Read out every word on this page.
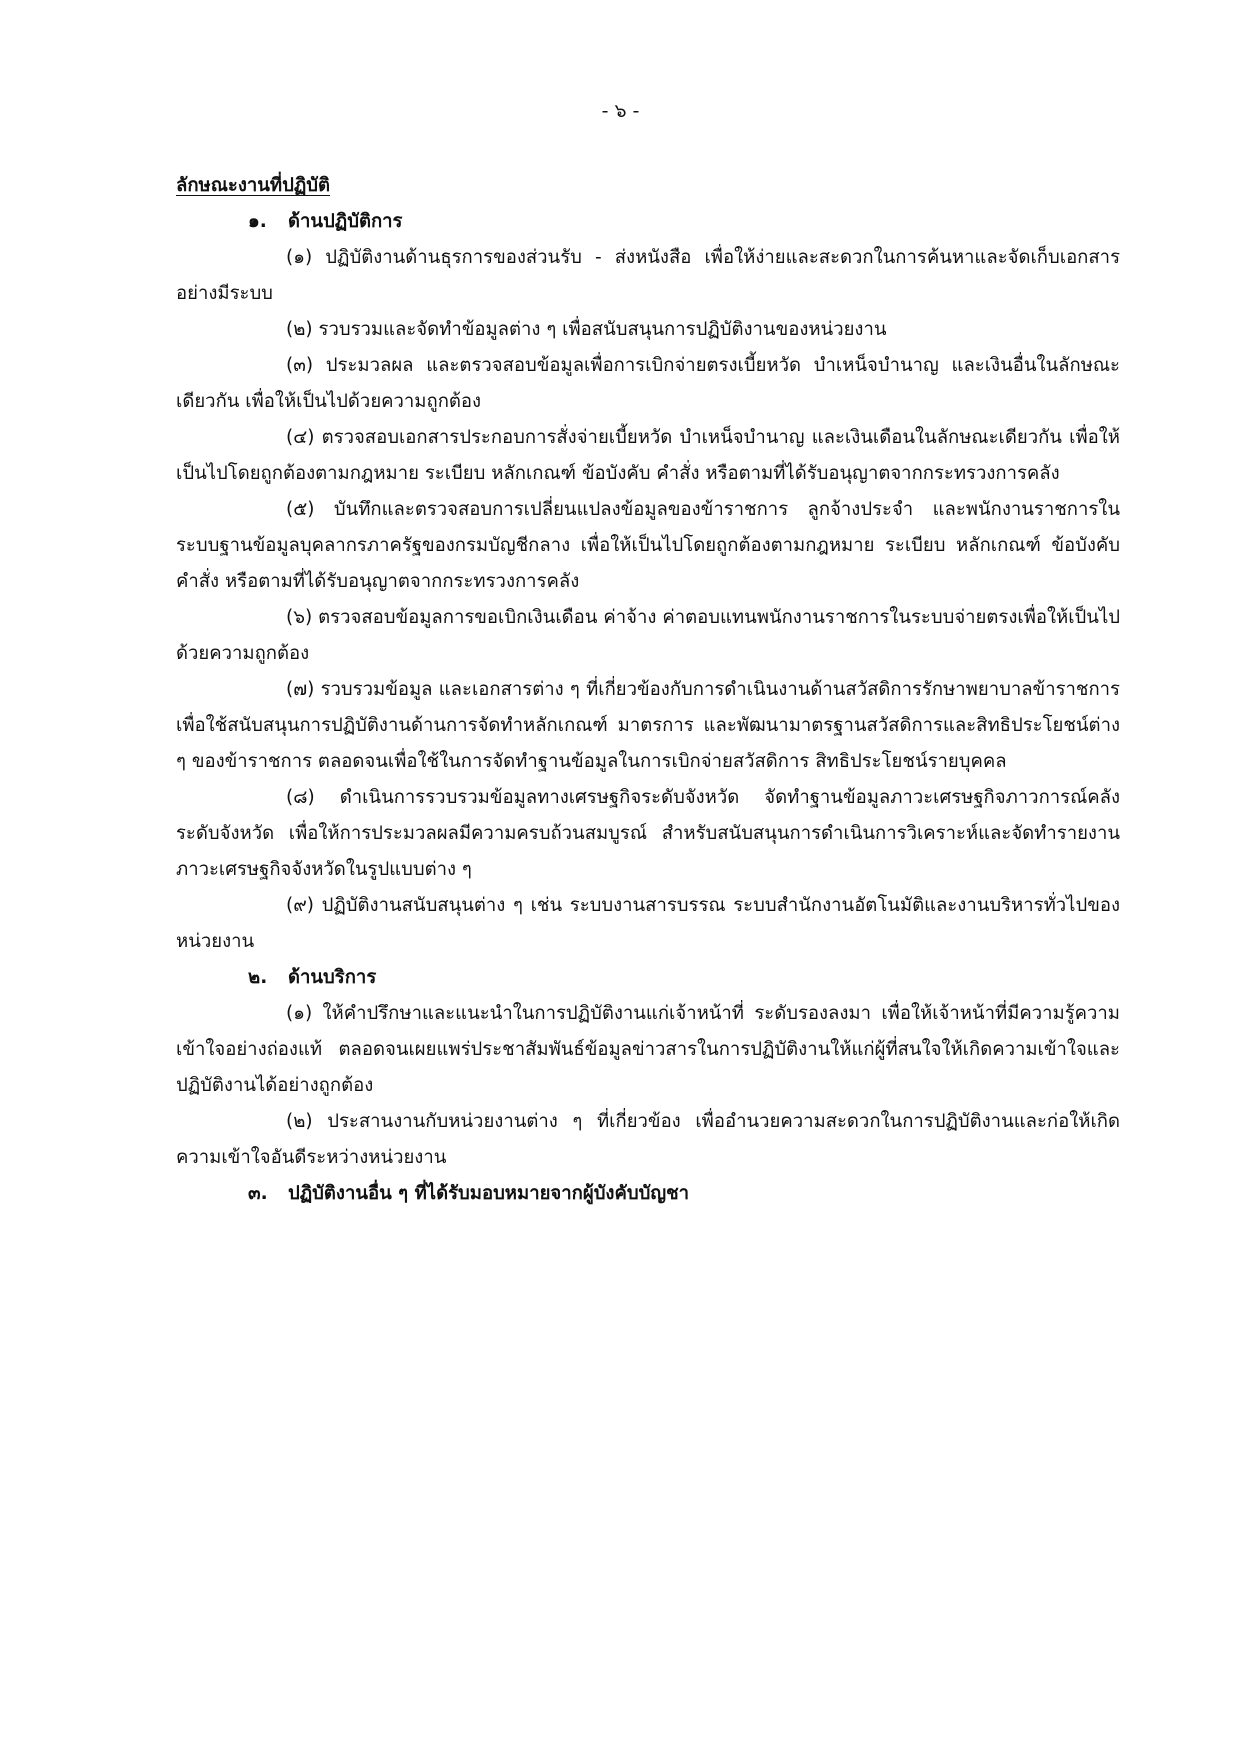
- ๖ -

ลักษณะงานที่ปฏิบัติ

๑. ด้านปฏิบัติการ

(๑) ปฏิบัติงานด้านธุรการของส่วนรับ - ส่งหนังสือ เพื่อให้ง่ายและสะดวกในการค้นหาและจัดเก็บเอกสารอย่างมีระบบ

(๒) รวบรวมและจัดทำข้อมูลต่าง ๆ เพื่อสนับสนุนการปฏิบัติงานของหน่วยงาน

(๓) ประมวลผล และตรวจสอบข้อมูลเพื่อการเบิกจ่ายตรงเบี้ยหวัด บำเหน็จบำนาญ และเงินอื่นในลักษณะเดียวกัน เพื่อให้เป็นไปด้วยความถูกต้อง

(๔) ตรวจสอบเอกสารประกอบการสั่งจ่ายเบี้ยหวัด บำเหน็จบำนาญ และเงินเดือนในลักษณะเดียวกัน เพื่อให้เป็นไปโดยถูกต้องตามกฎหมาย ระเบียบ หลักเกณฑ์ ข้อบังคับ คำสั่ง หรือตามที่ได้รับอนุญาตจากกระทรวงการคลัง

(๕) บันทึกและตรวจสอบการเปลี่ยนแปลงข้อมูลของข้าราชการ ลูกจ้างประจำ และพนักงานราชการในระบบฐานข้อมูลบุคลากรภาครัฐของกรมบัญชีกลาง เพื่อให้เป็นไปโดยถูกต้องตามกฎหมาย ระเบียบ หลักเกณฑ์ ข้อบังคับ คำสั่ง หรือตามที่ได้รับอนุญาตจากกระทรวงการคลัง

(๖) ตรวจสอบข้อมูลการขอเบิกเงินเดือน ค่าจ้าง ค่าตอบแทนพนักงานราชการในระบบจ่ายตรงเพื่อให้เป็นไปด้วยความถูกต้อง

(๗) รวบรวมข้อมูล และเอกสารต่าง ๆ ที่เกี่ยวข้องกับการดำเนินงานด้านสวัสดิการรักษาพยาบาลข้าราชการ เพื่อใช้สนับสนุนการปฏิบัติงานด้านการจัดทำหลักเกณฑ์ มาตรการ และพัฒนามาตรฐานสวัสดิการและสิทธิประโยชน์ต่าง ๆ ของข้าราชการ ตลอดจนเพื่อใช้ในการจัดทำฐานข้อมูลในการเบิกจ่ายสวัสดิการ สิทธิประโยชน์รายบุคคล

(๘) ดำเนินการรวบรวมข้อมูลทางเศรษฐกิจระดับจังหวัด จัดทำฐานข้อมูลภาวะเศรษฐกิจภาวการณ์คลังระดับจังหวัด เพื่อให้การประมวลผลมีความครบถ้วนสมบูรณ์ สำหรับสนับสนุนการดำเนินการวิเคราะห์และจัดทำรายงานภาวะเศรษฐกิจจังหวัดในรูปแบบต่าง ๆ

(๙) ปฏิบัติงานสนับสนุนต่าง ๆ เช่น ระบบงานสารบรรณ ระบบสำนักงานอัตโนมัติและงานบริหารทั่วไปของหน่วยงาน

๒. ด้านบริการ

(๑) ให้คำปรึกษาและแนะนำในการปฏิบัติงานแก่เจ้าหน้าที่ ระดับรองลงมา เพื่อให้เจ้าหน้าที่มีความรู้ความเข้าใจอย่างถ่องแท้ ตลอดจนเผยแพร่ประชาสัมพันธ์ข้อมูลข่าวสารในการปฏิบัติงานให้แก่ผู้ที่สนใจให้เกิดความเข้าใจและปฏิบัติงานได้อย่างถูกต้อง

(๒) ประสานงานกับหน่วยงานต่าง ๆ ที่เกี่ยวข้อง เพื่ออำนวยความสะดวกในการปฏิบัติงานและก่อให้เกิดความเข้าใจอันดีระหว่างหน่วยงาน

๓. ปฏิบัติงานอื่น ๆ ที่ได้รับมอบหมายจากผู้บังคับบัญชา
